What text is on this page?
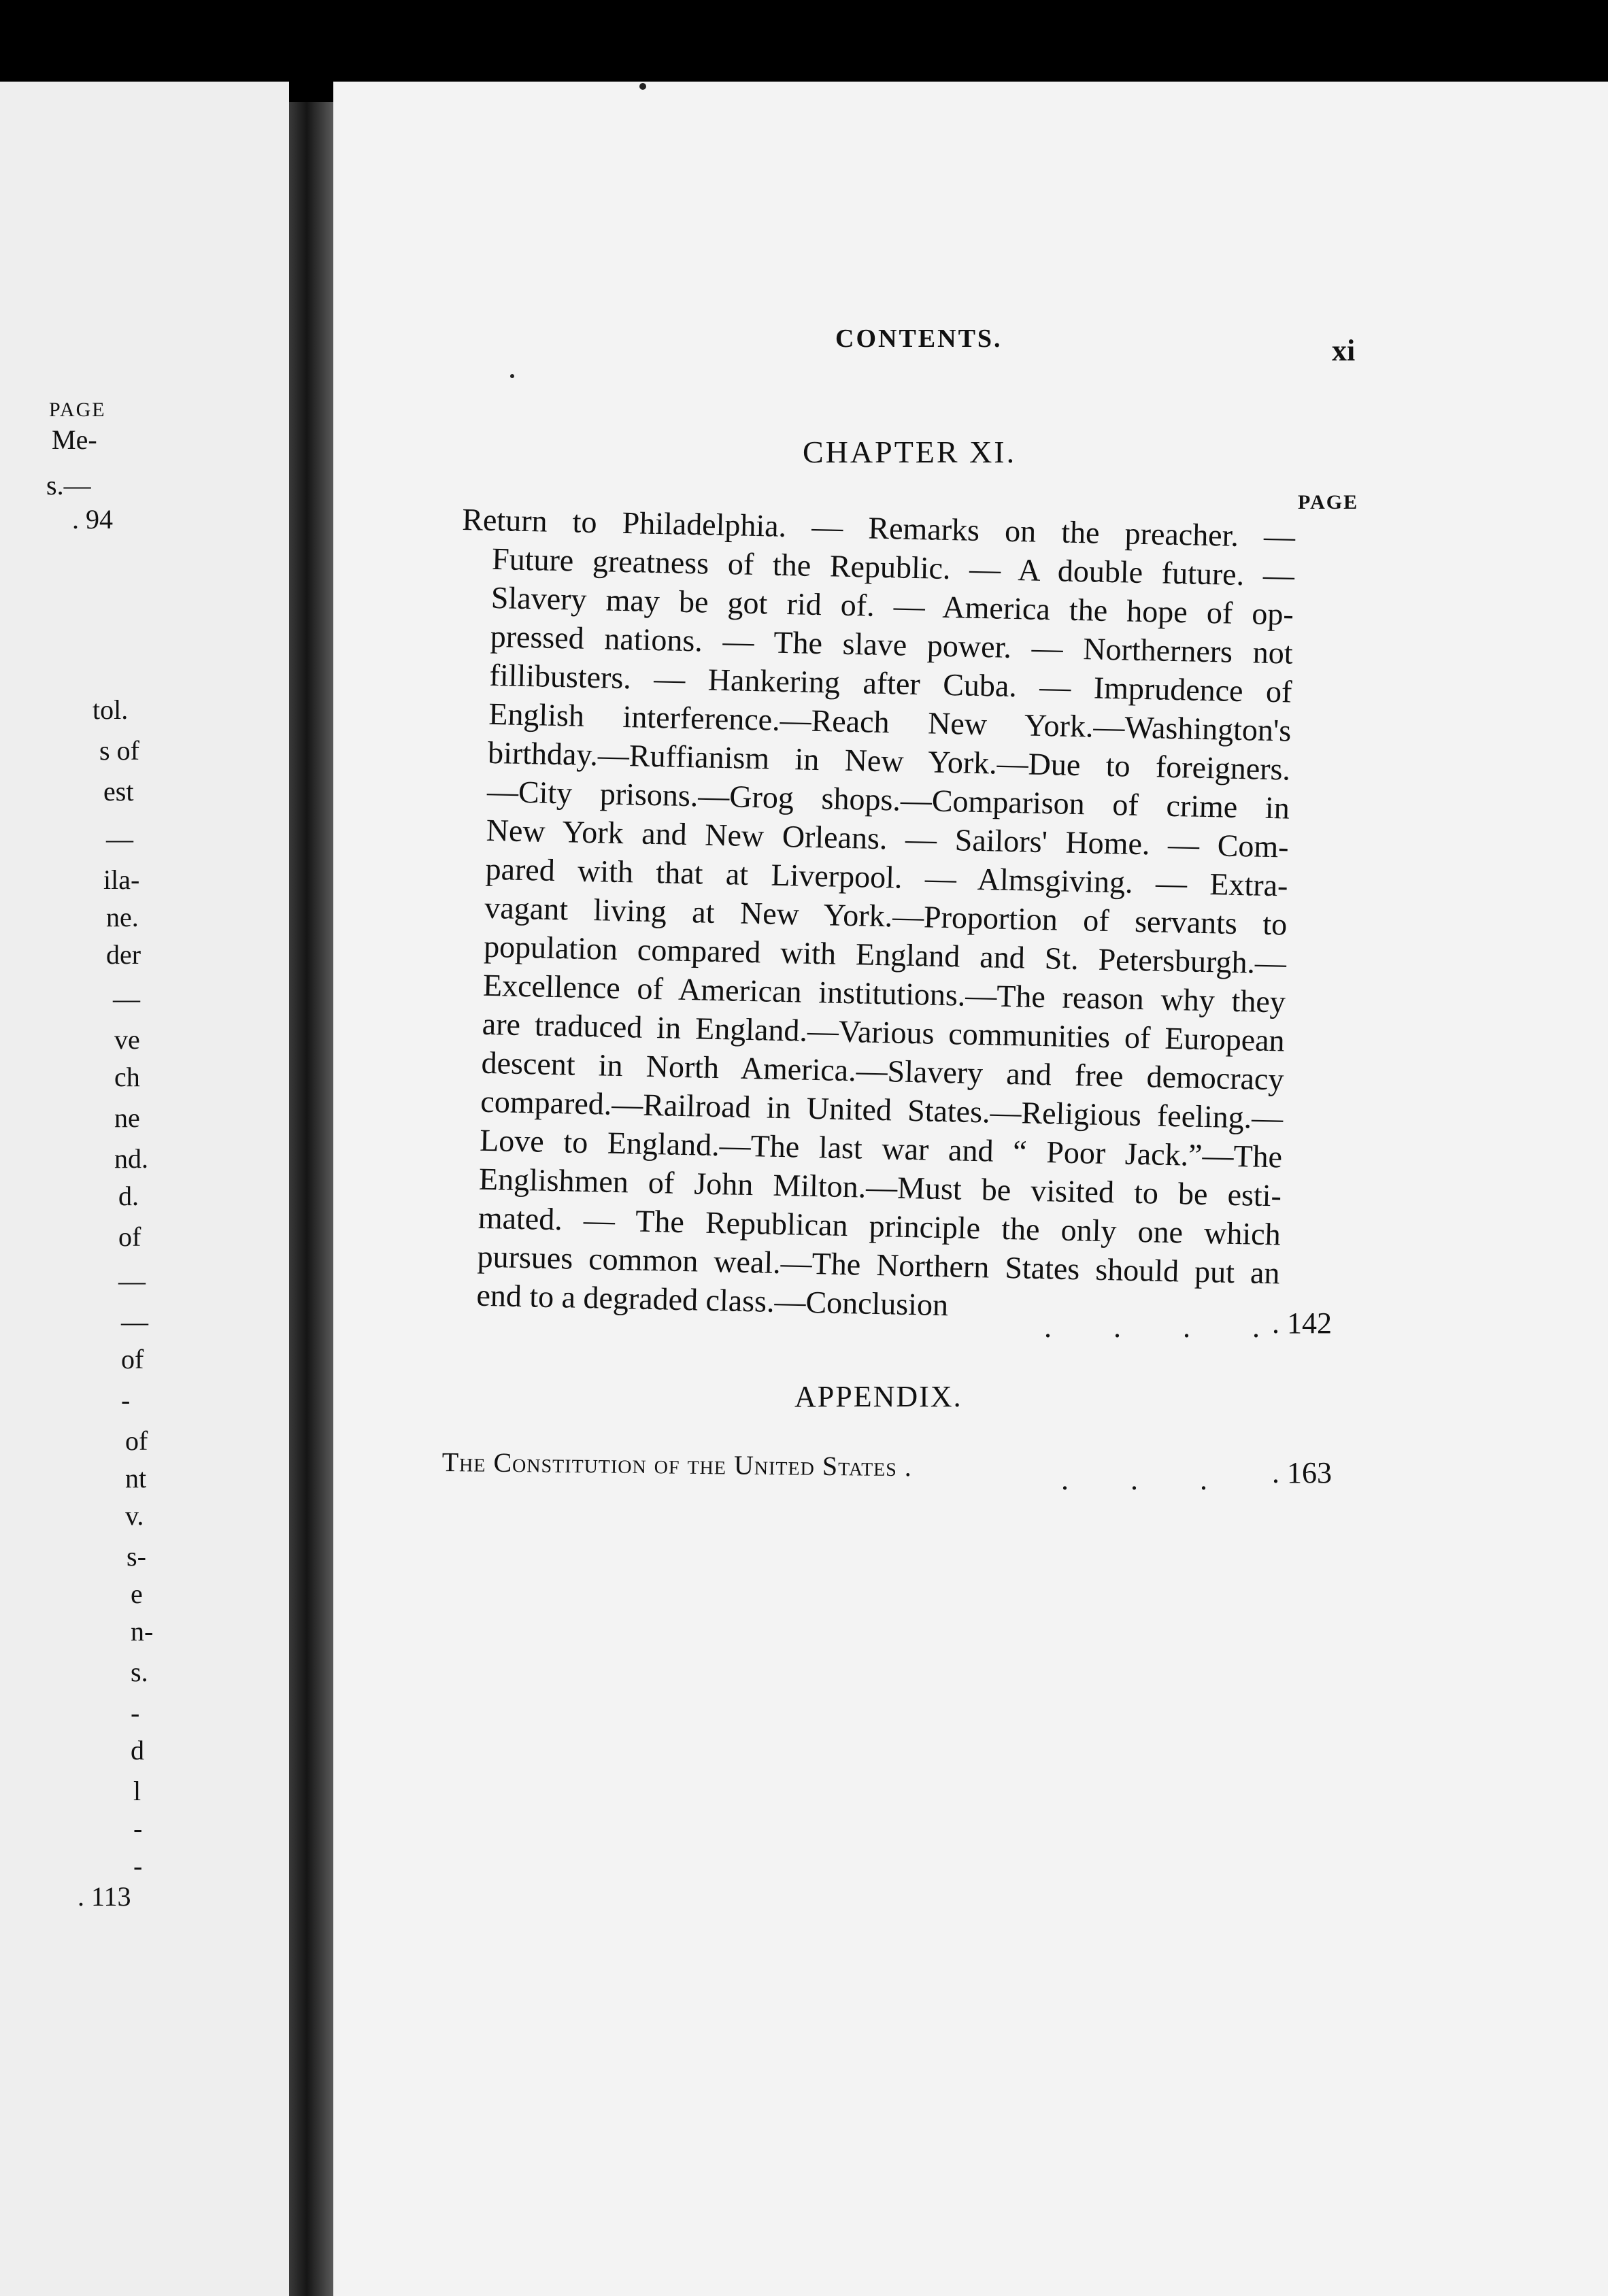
PAGE
Me-
s.—
. 94
tol.
s of
est
—
ila-
ne.
der
—
ve
ch
ne
nd.
d.
of
—
—
of
-
of
nt
v.
s-
e
n-
s.
-
d
l
-
-
. 113
CONTENTS.	xi
CHAPTER XI.
PAGE
Return to Philadelphia. — Remarks on the preacher. —
Future greatness of the Republic. — A double future. —
Slavery may be got rid of. — America the hope of op-
pressed nations. — The slave power. — Northerners not
fillibusters. — Hankering after Cuba. — Imprudence of
English interference.—Reach New York.—Washington's
birthday.—Ruffianism in New York.—Due to foreigners.
—City prisons.—Grog shops.—Comparison of crime in
New York and New Orleans. — Sailors' Home. — Com-
pared with that at Liverpool. — Almsgiving. — Extra-
vagant living at New York.—Proportion of servants to
population compared with England and St. Petersburgh.—
Excellence of American institutions.—The reason why they
are traduced in England.—Various communities of European
descent in North America.—Slavery and free democracy
compared.—Railroad in United States.—Religious feeling.—
Love to England.—The last war and “ Poor Jack.”—The
Englishmen of John Milton.—Must be visited to be esti-
mated. — The Republican principle the only one which
pursues common weal.—The Northern States should put an
end to a degraded class.—Conclusion
. . . .
. 142
APPENDIX.
The Constitution of the United States .	. . . . 163
